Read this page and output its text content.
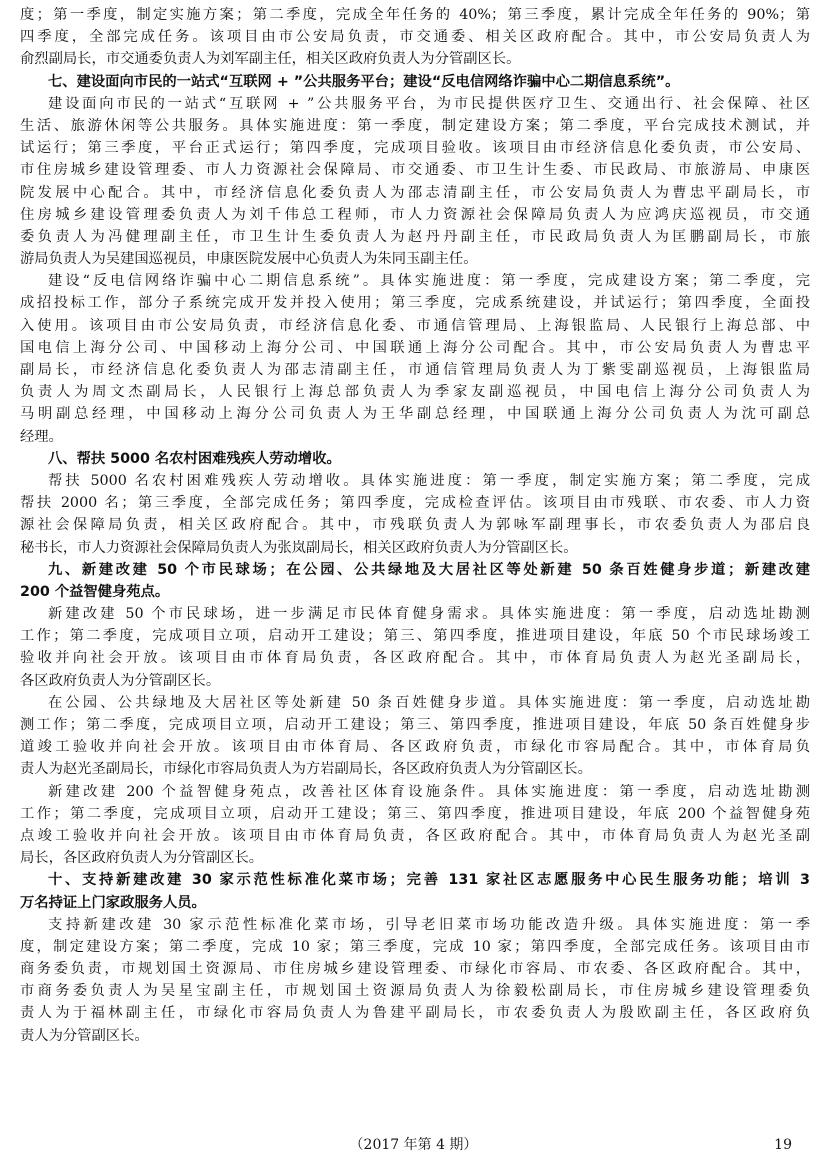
度；第一季度，制定实施方案；第二季度，完成全年任务的 40%；第三季度，累计完成全年任务的 90%；第
四季度，全部完成任务。该项目由市公安局负责，市交通委、相关区政府配合。其中，市公安局负责人为
俞烈副局长，市交通委负责人为刘军副主任，相关区政府负责人为分管副区长。
七、建设面向市民的一站式“互联网 + ”公共服务平台；建设“反电信网络诈骗中心二期信息系统”。
建设面向市民的一站式“互联网 + ”公共服务平台，为市民提供医疗卫生、交通出行、社会保障、社区
生活、旅游休闲等公共服务。具体实施进度：第一季度，制定建设方案；第二季度，平台完成技术测试，并
试运行；第三季度，平台正式运行；第四季度，完成项目验收。该项目由市经济信息化委负责，市公安局、
市住房城乡建设管理委、市人力资源社会保障局、市交通委、市卫生计生委、市民政局、市旅游局、申康医
院发展中心配合。其中，市经济信息化委负责人为邵志清副主任，市公安局负责人为曹忠平副局长，市
住房城乡建设管理委负责人为刘千伟总工程师，市人力资源社会保障局负责人为应鸿庆巡视员，市交通
委负责人为冯健理副主任，市卫生计生委负责人为赵丹丹副主任，市民政局负责人为匡鹏副局长，市旅
游局负责人为吴建国巡视员，申康医院发展中心负责人为朱同玉副主任。
建设“反电信网络诈骗中心二期信息系统”。具体实施进度：第一季度，完成建设方案；第二季度，完
成招投标工作，部分子系统完成开发并投入使用；第三季度，完成系统建设，并试运行；第四季度，全面投
入使用。该项目由市公安局负责，市经济信息化委、市通信管理局、上海银监局、人民银行上海总部、中
国电信上海分公司、中国移动上海分公司、中国联通上海分公司配合。其中，市公安局负责人为曹忠平
副局长，市经济信息化委负责人为邵志清副主任，市通信管理局负责人为丁紫雯副巡视员，上海银监局
负责人为周文杰副局长，人民银行上海总部负责人为季家友副巡视员，中国电信上海分公司负责人为
马明副总经理，中国移动上海分公司负责人为王华副总经理，中国联通上海分公司负责人为沈可副总
经理。
八、帮扶 5000 名农村困难残疾人劳动增收。
帮扶 5000 名农村困难残疾人劳动增收。具体实施进度：第一季度，制定实施方案；第二季度，完成
帮扶 2000 名；第三季度，全部完成任务；第四季度，完成检查评估。该项目由市残联、市农委、市人力资
源社会保障局负责，相关区政府配合。其中，市残联负责人为郭咏军副理事长，市农委负责人为邵启良
秘书长，市人力资源社会保障局负责人为张岚副局长，相关区政府负责人为分管副区长。
九、新建改建 50 个市民球场；在公园、公共绿地及大居社区等处新建 50 条百姓健身步道；新建改建
200 个益智健身苑点。
新建改建 50 个市民球场，进一步满足市民体育健身需求。具体实施进度：第一季度，启动选址勘测
工作；第二季度，完成项目立项，启动开工建设；第三、第四季度，推进项目建设，年底 50 个市民球场竣工
验收并向社会开放。该项目由市体育局负责，各区政府配合。其中，市体育局负责人为赵光圣副局长，
各区政府负责人为分管副区长。
在公园、公共绿地及大居社区等处新建 50 条百姓健身步道。具体实施进度：第一季度，启动选址勘
测工作；第二季度，完成项目立项，启动开工建设；第三、第四季度，推进项目建设，年底 50 条百姓健身步
道竣工验收并向社会开放。该项目由市体育局、各区政府负责，市绿化市容局配合。其中，市体育局负
责人为赵光圣副局长，市绿化市容局负责人为方岩副局长，各区政府负责人为分管副区长。
新建改建 200 个益智健身苑点，改善社区体育设施条件。具体实施进度：第一季度，启动选址勘测
工作；第二季度，完成项目立项，启动开工建设；第三、第四季度，推进项目建设，年底 200 个益智健身苑
点竣工验收并向社会开放。该项目由市体育局负责，各区政府配合。其中，市体育局负责人为赵光圣副
局长，各区政府负责人为分管副区长。
十、支持新建改建 30 家示范性标准化菜市场；完善 131 家社区志愿服务中心民生服务功能；培训 3
万名持证上门家政服务人员。
支持新建改建 30 家示范性标准化菜市场，引导老旧菜市场功能改造升级。具体实施进度：第一季
度，制定建设方案；第二季度，完成 10 家；第三季度，完成 10 家；第四季度，全部完成任务。该项目由市
商务委负责，市规划国土资源局、市住房城乡建设管理委、市绿化市容局、市农委、各区政府配合。其中，
市商务委负责人为吴星宝副主任，市规划国土资源局负责人为徐毅松副局长，市住房城乡建设管理委负
责人为于福林副主任，市绿化市容局负责人为鲁建平副局长，市农委负责人为殷欧副主任，各区政府负
责人为分管副区长。
（2017 年第 4 期）	19
